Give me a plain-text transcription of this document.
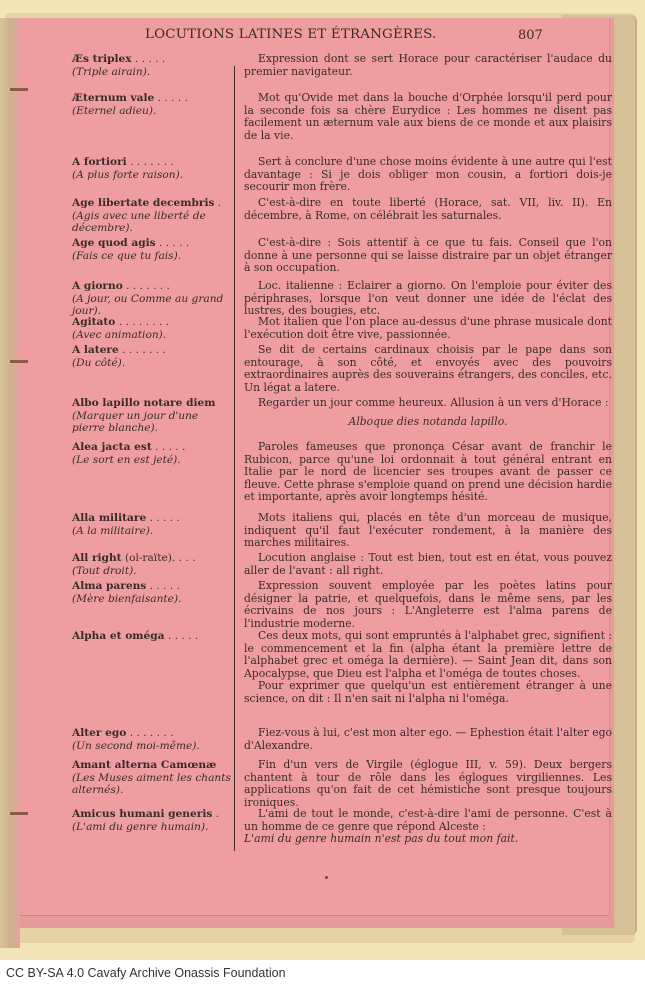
LOCUTIONS LATINES ET ÉTRANGÈRES.	807
Æs triplex . . . . .
(Triple airain).
Expression dont se sert Horace pour caractériser l'audace du premier navigateur.
Æternum vale . . . . .
(Eternel adieu).
Mot qu'Ovide met dans la bouche d'Orphée lorsqu'il perd pour la seconde fois sa chère Eurydice : Les hommes ne disent pas facilement un æternum vale aux biens de ce monde et aux plaisirs de la vie.
A fortiori . . . . . . .
(A plus forte raison).
Sert à conclure d'une chose moins évidente à une autre qui l'est davantage : Si je dois obliger mon cousin, a fortiori dois-je secourir mon frère.
Age libertate decembris .
(Agis avec une liberté de décembre).
C'est-à-dire en toute liberté (Horace, sat. VII, liv. II). En décembre, à Rome, on célébrait les saturnales.
Age quod agis . . . . .
(Fais ce que tu fais).
C'est-à-dire : Sois attentif à ce que tu fais. Conseil que l'on donne à une personne qui se laisse distraire par un objet étranger à son occupation.
A giorno . . . . . . .
(A jour, ou Comme au grand jour).
Loc. italienne : Eclairer a giorno. On l'emploie pour éviter des périphrases, lorsque l'on veut donner une idée de l'éclat des lustres, des bougies, etc.
Agitato . . . . . . . .
(Avec animation).
Mot italien que l'on place au-dessus d'une phrase musicale dont l'exécution doit être vive, passionnée.
A latere . . . . . . .
(Du côté).
Se dit de certains cardinaux choisis par le pape dans son entourage, à son côté, et envoyés avec des pouvoirs extraordinaires auprès des souverains étrangers, des conciles, etc. Un légat a latere.
Albo lapillo notare diem
(Marquer un jour d'une pierre blanche).
Regarder un jour comme heureux. Allusion à un vers d'Horace :
Alboque dies notanda lapillo.
Alea jacta est . . . . .
(Le sort en est jeté).
Paroles fameuses que prononça César avant de franchir le Rubicon, parce qu'une loi ordonnait à tout général entrant en Italie par le nord de licencier ses troupes avant de passer ce fleuve. Cette phrase s'emploie quand on prend une décision hardie et importante, après avoir longtemps hésité.
Alla militare . . . . .
(A la militaire).
Mots italiens qui, placés en tête d'un morceau de musique, indiquent qu'il faut l'exécuter rondement, à la manière des marches militaires.
All right (ol-raïte). . . .
(Tout droit).
Locution anglaise : Tout est bien, tout est en état, vous pouvez aller de l'avant : all right.
Alma parens . . . . .
(Mère bienfaisante).
Expression souvent employée par les poètes latins pour désigner la patrie, et quelquefois, dans le même sens, par les écrivains de nos jours : L'Angleterre est l'alma parens de l'industrie moderne.
Alpha et oméga . . . . .	Ces deux mots, qui sont empruntés à l'alphabet grec, signifient : le commencement et la fin (alpha étant la première lettre de l'alphabet grec et oméga la dernière). — Saint Jean dit, dans son Apocalypse, que Dieu est l'alpha et l'oméga de toutes choses.
Pour exprimer que quelqu'un est entièrement étranger à une science, on dit : Il n'en sait ni l'alpha ni l'oméga.
Alter ego . . . . . . .
(Un second moi-même).
Fiez-vous à lui, c'est mon alter ego. — Ephestion était l'alter ego d'Alexandre.
Amant alterna Camœnæ
(Les Muses aiment les chants alternés).
Fin d'un vers de Virgile (églogue III, v. 59). Deux bergers chantent à tour de rôle dans les églogues virgiliennes. Les applications qu'on fait de cet hémistiche sont presque toujours ironiques.
Amicus humani generis .
(L'ami du genre humain).
L'ami de tout le monde, c'est-à-dire l'ami de personne. C'est à un homme de ce genre que répond Alceste :
L'ami du genre humain n'est pas du tout mon fait.
CC BY-SA 4.0 Cavafy Archive Onassis Foundation
